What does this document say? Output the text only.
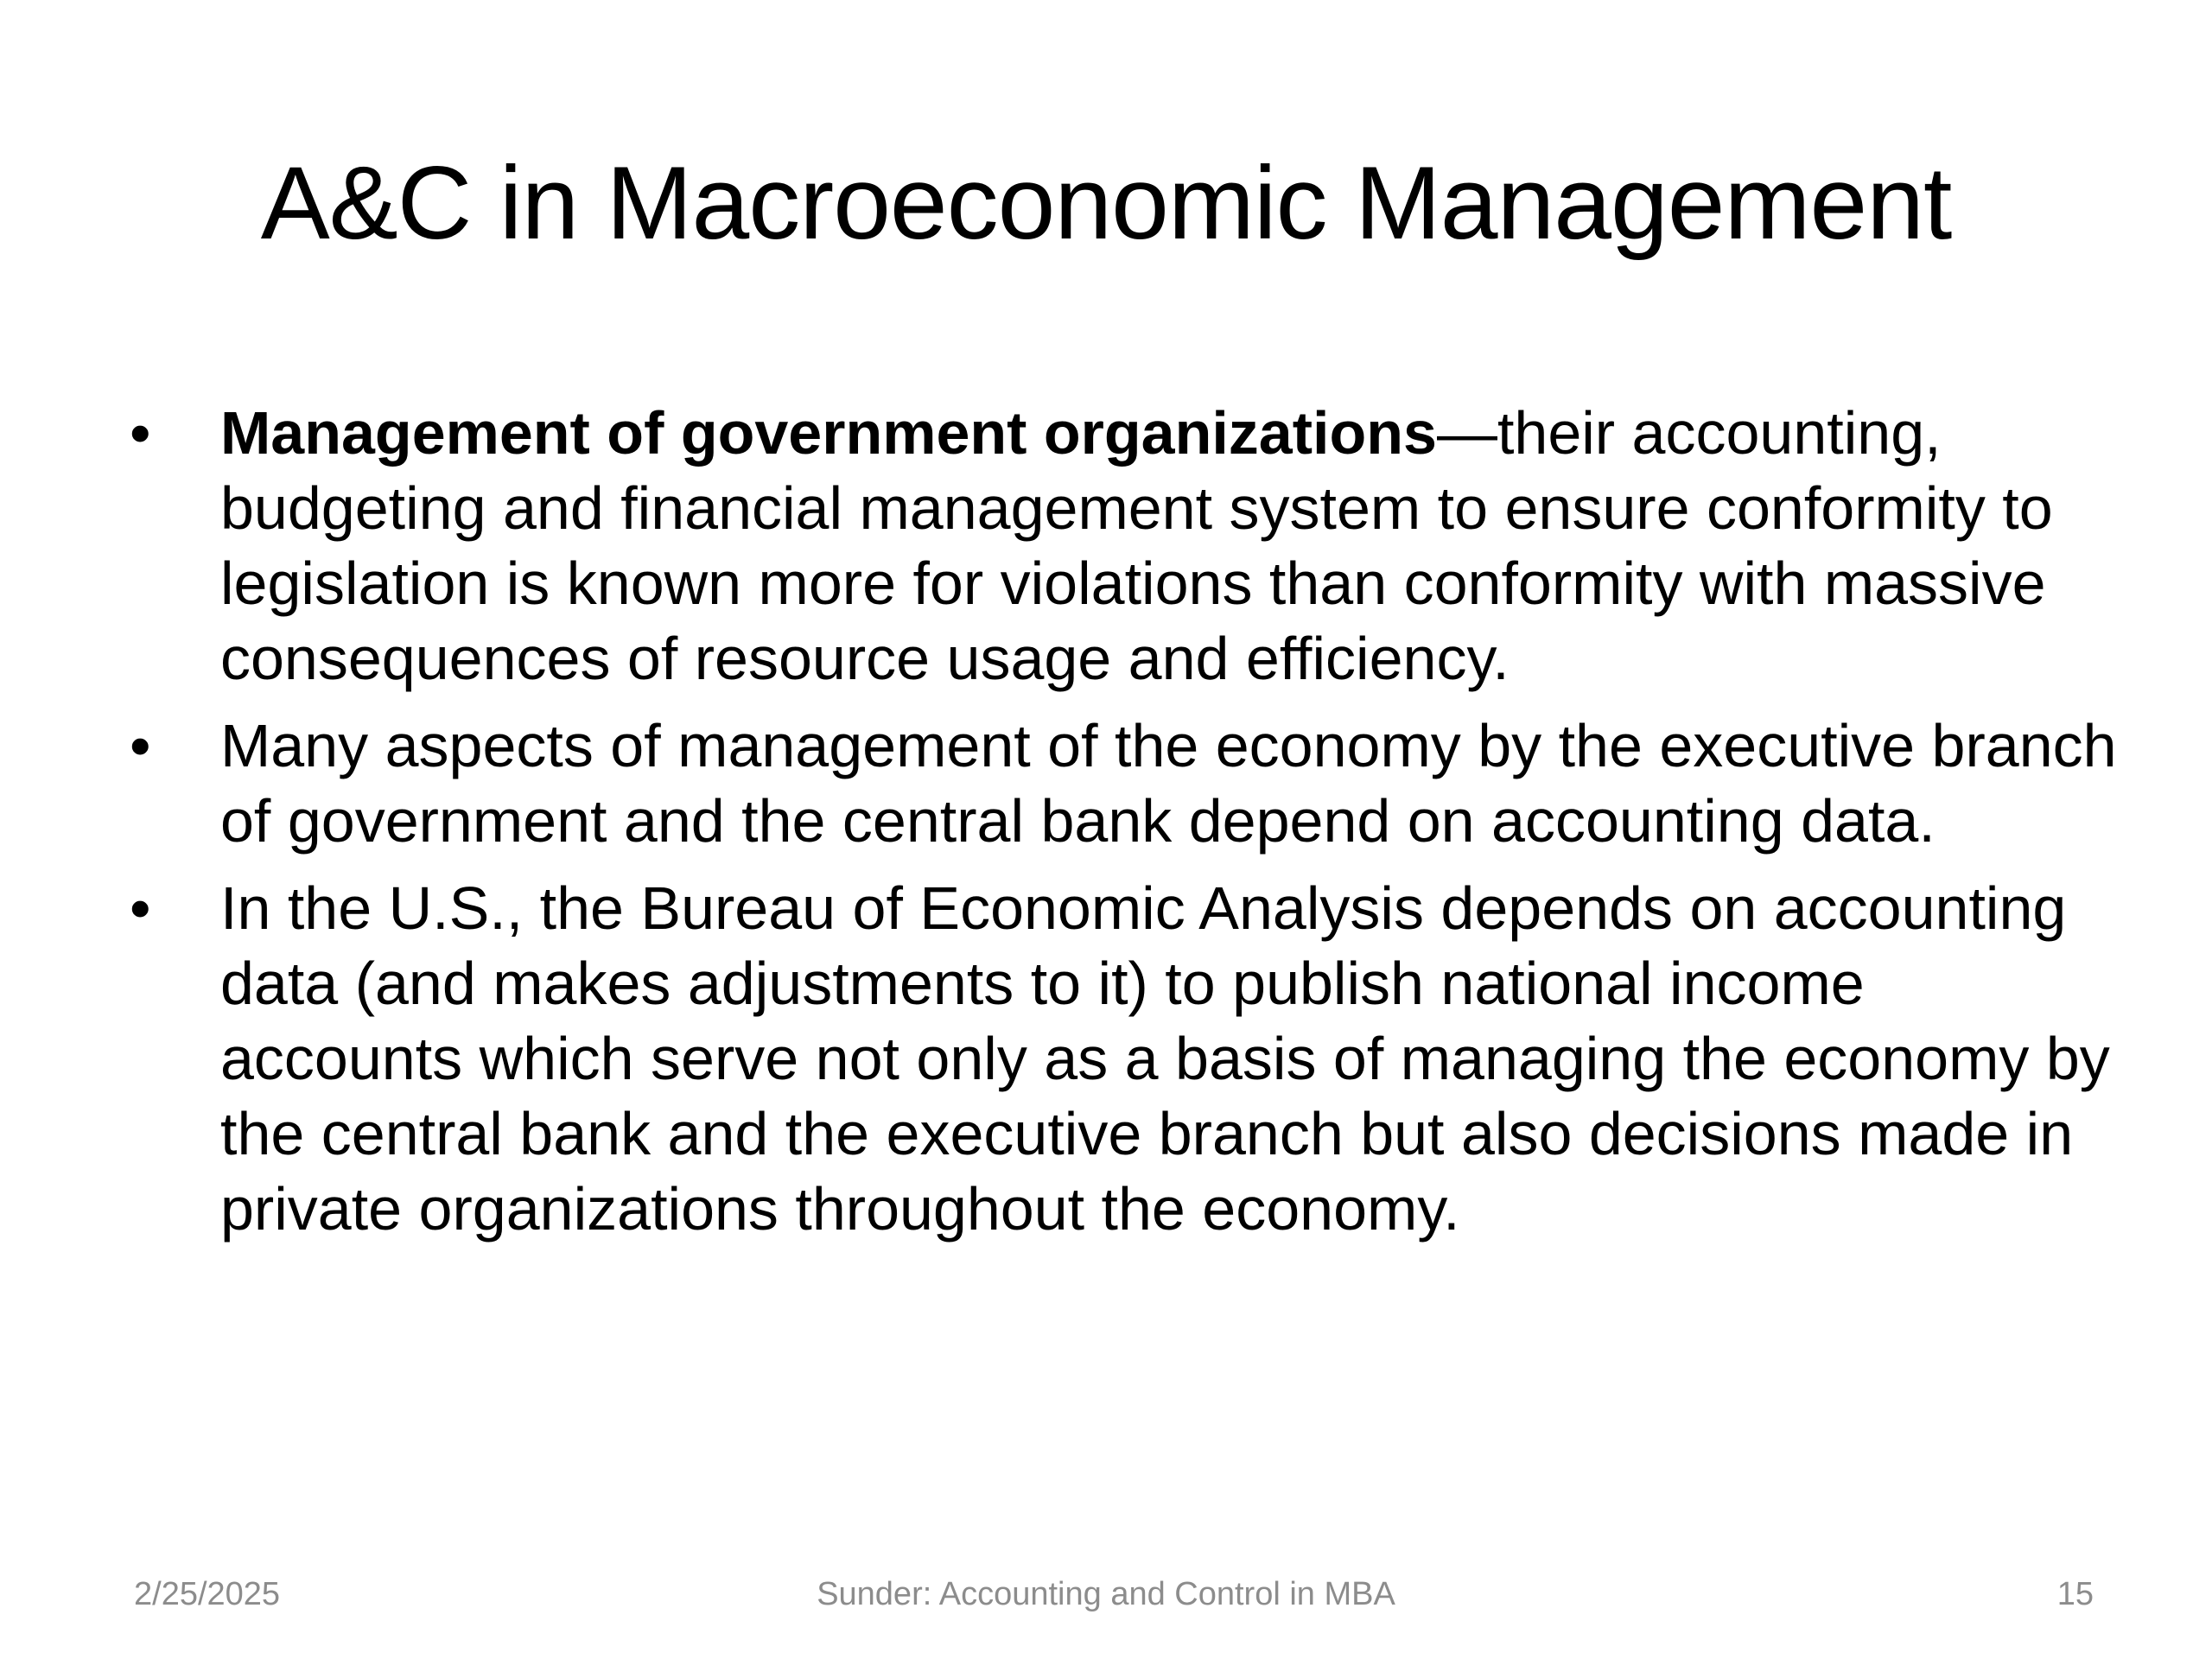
A&C in Macroeconomic Management
•	Management of government organizations—their accounting, budgeting and financial management system to ensure conformity to legislation is known more for violations than conformity with massive consequences of resource usage and efficiency.
•	Many aspects of management of the economy by the executive branch of government and the central bank depend on accounting data.
•	In the U.S., the Bureau of Economic Analysis depends on accounting data (and makes adjustments to it) to publish national income accounts which serve not only as a basis of managing the economy by the central bank and the executive branch but also decisions made in private organizations throughout the economy.
2/25/2025	Sunder: Accounting and Control in MBA	15
